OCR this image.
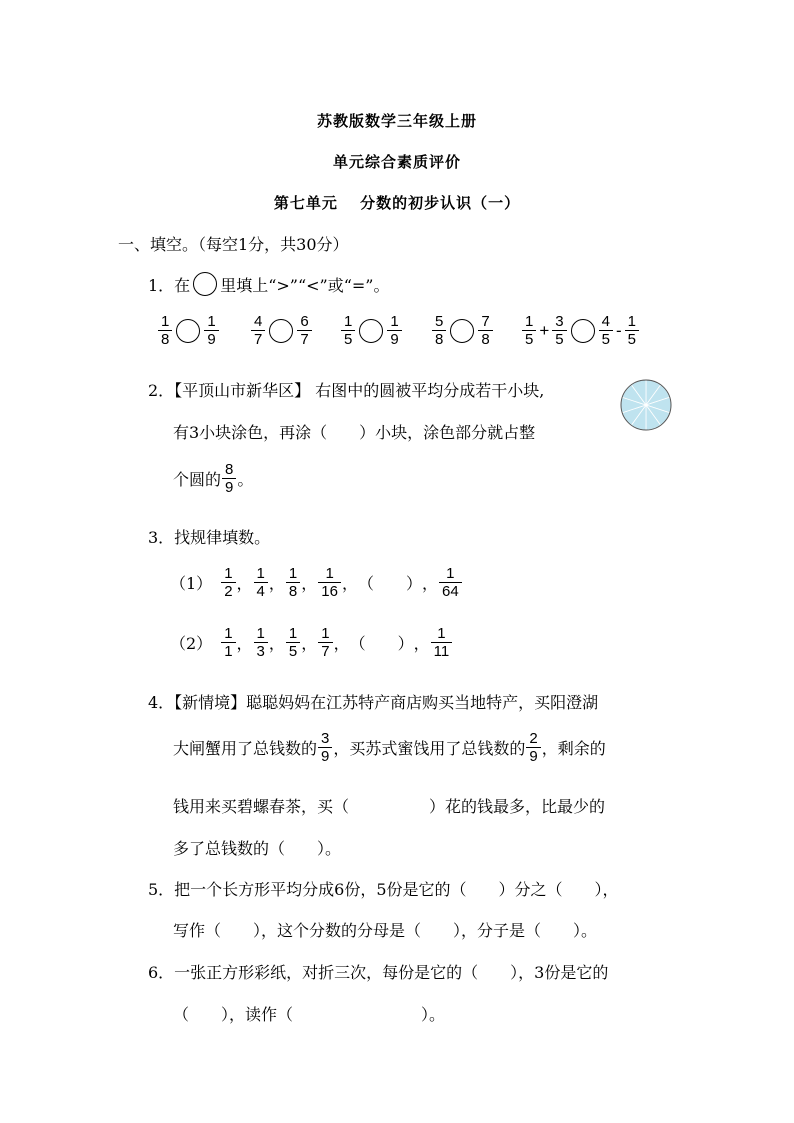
苏教版数学三年级上册
单元综合素质评价
第七单元　 分数的初步认识（一）
一、填空。（每空1分，共30分）
1．在 里填上“>”“<”或“=”。
$\frac{1}{8} \frac{1}{9} \frac{4}{7} \frac{6}{7} \frac{1}{5} \frac{1}{9} \frac{5}{8} \frac{7}{8} \frac{1}{5} + \frac{3}{5} \frac{4}{5} - \frac{1}{5}$
2．【平顶山市新华区】 右图中的圆被平均分成若干小块,
有3小块涂色，再涂（　　）小块，涂色部分就占整
个圆的 $\frac{8}{9}$ 。
3．找规律填数。
$(1) \frac{1}{2}$ ， $\frac{1}{4}$ ， $\frac{1}{8}$ ， $\frac{1}{16}$ ， （　　） ， $\frac{1}{64}$
$(2) \frac{1}{1}$ ， $\frac{1}{3}$ ， $\frac{1}{5}$ ， $\frac{1}{7}$ ， （　　） ， $\frac{1}{11}$
4．【新情境】聪聪妈妈在江苏特产商店购买当地特产，买阳澄湖
大闸蟹用了总钱数的 $\frac{3}{9}$ ，买苏式蜜饯用了总钱数的 $\frac{2}{9}$ ，剩余的
钱用来买碧螺春茶，买（　　　　　）花的钱最多，比最少的
多了总钱数的（　　）。
5．把一个长方形平均分成6份，5份是它的（　　）分之（　　），
写作（　　），这个分数的分母是（　　），分子是（　　）。
6．一张正方形彩纸，对折三次，每份是它的（　　），3份是它的
（　　），读作（　　　　　　　　）。
